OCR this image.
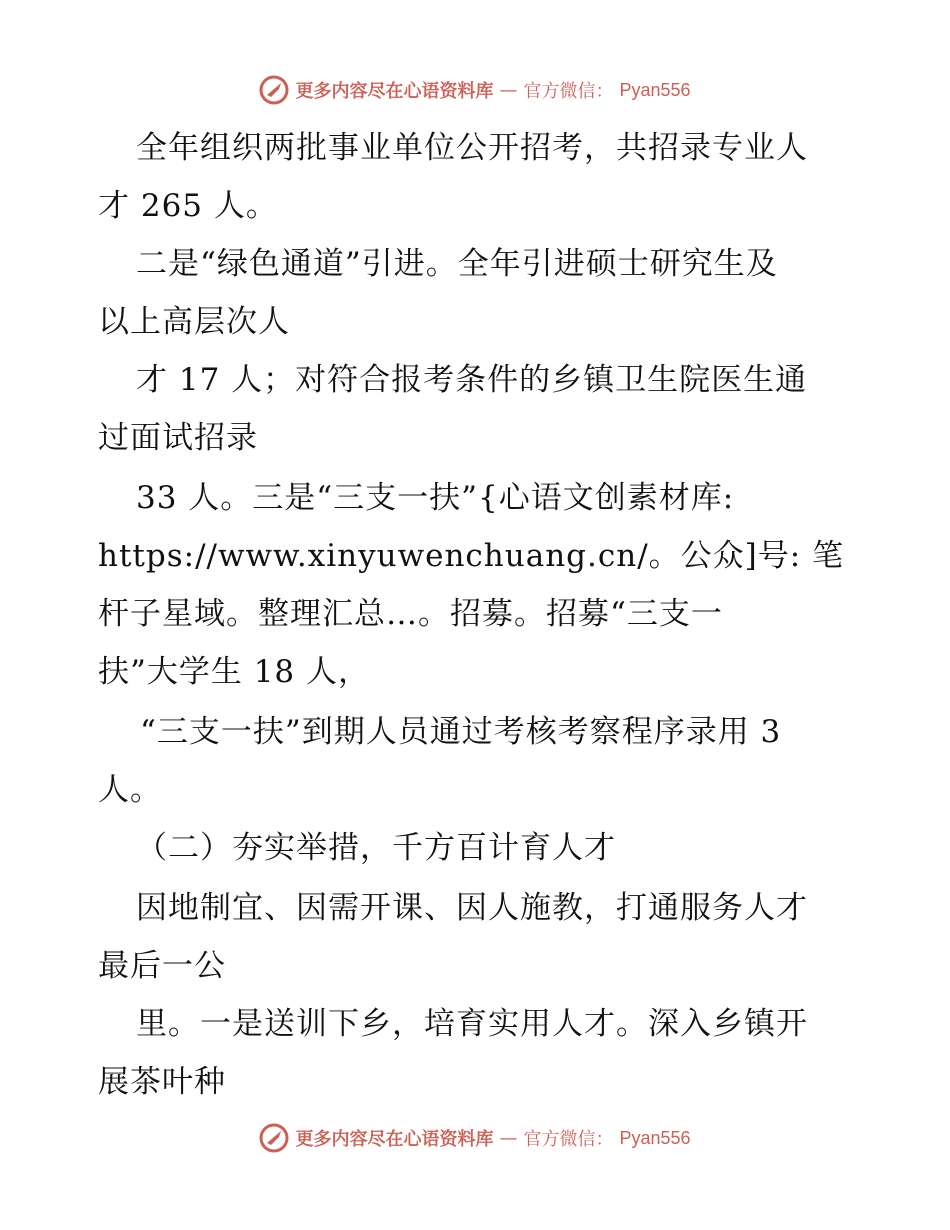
更多内容尽在心语资料库 — 官方微信： Pyan556
全年组织两批事业单位公开招考，共招录专业人
才 265 人。
二是“绿色通道”引进。全年引进硕士研究生及
以上高层次人
才 17 人；对符合报考条件的乡镇卫生院医生通
过面试招录
33 人。三是“三支一扶”{心语文创素材库:
https://www.xinyuwenchuang.cn/。公众]号: 笔
杆子星域。整理汇总…。招募。招募“三支一
扶”大学生 18 人，
“三支一扶”到期人员通过考核考察程序录用 3
人。
（二）夯实举措，千方百计育人才
因地制宜、因需开课、因人施教，打通服务人才
最后一公
里。一是送训下乡，培育实用人才。深入乡镇开
展茶叶种
更多内容尽在心语资料库 — 官方微信： Pyan556
